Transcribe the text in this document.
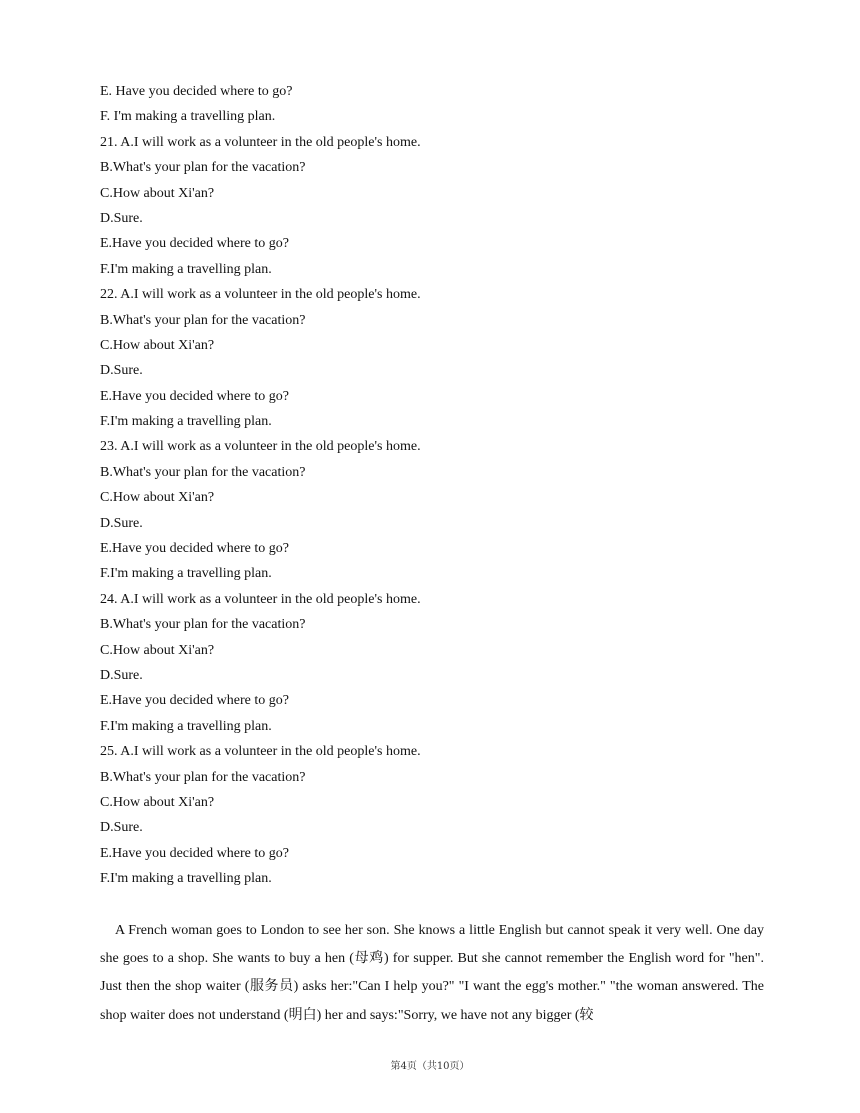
E. Have you decided where to go?
F. I'm making a travelling plan.
21. A.I will work as a volunteer in the old people's home.
B.What's your plan for the vacation?
C.How about Xi'an?
D.Sure.
E.Have you decided where to go?
F.I'm making a travelling plan.
22. A.I will work as a volunteer in the old people's home.
B.What's your plan for the vacation?
C.How about Xi'an?
D.Sure.
E.Have you decided where to go?
F.I'm making a travelling plan.
23. A.I will work as a volunteer in the old people's home.
B.What's your plan for the vacation?
C.How about Xi'an?
D.Sure.
E.Have you decided where to go?
F.I'm making a travelling plan.
24. A.I will work as a volunteer in the old people's home.
B.What's your plan for the vacation?
C.How about Xi'an?
D.Sure.
E.Have you decided where to go?
F.I'm making a travelling plan.
25. A.I will work as a volunteer in the old people's home.
B.What's your plan for the vacation?
C.How about Xi'an?
D.Sure.
E.Have you decided where to go?
F.I'm making a travelling plan.

A French woman goes to London to see her son. She knows a little English but cannot speak it very well. One day she goes to a shop. She wants to buy a hen (母鸡) for supper. But she cannot remember the English word for "hen". Just then the shop waiter (服务员) asks her:"Can I help you?" "I want the egg's mother." "the woman answered. The shop waiter does not understand (明白) her and says:"Sorry, we have not any bigger (较

第4页（共10页）
